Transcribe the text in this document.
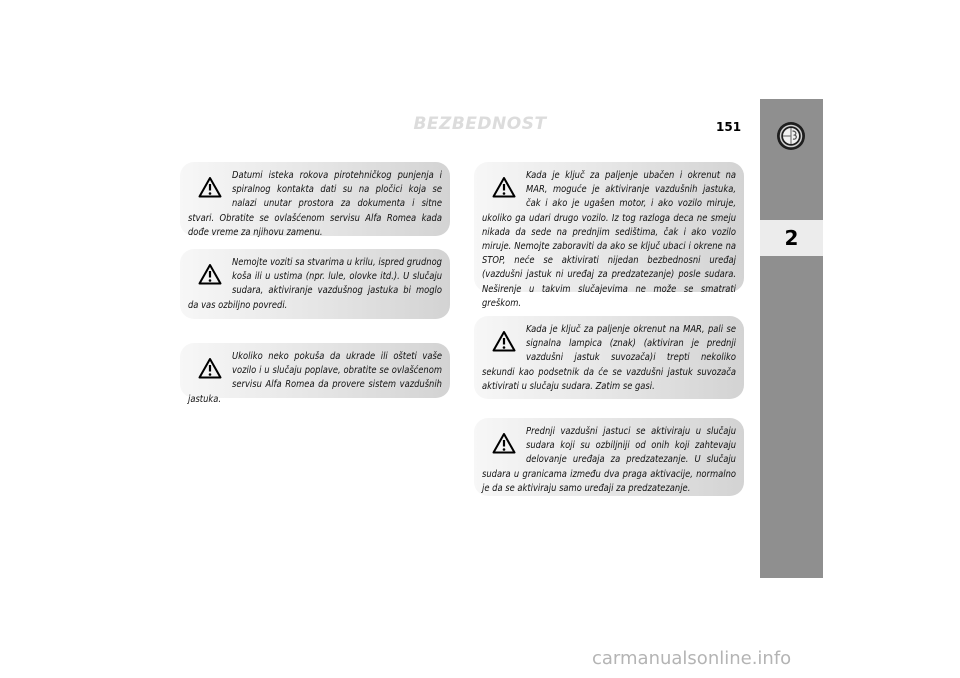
BEZBEDNOST	151
2
Datumi isteka rokova pirotehničkog punjenja i spiralnog kontakta dati su na pločici koja se nalazi unutar prostora za dokumenta i sitne stvari. Obratite se ovlašćenom servisu Alfa Romea kada dođe vreme za njihovu zamenu.
Nemojte voziti sa stvarima u krilu, ispred grudnog koša ili u ustima (npr. lule, olovke itd.). U slučaju sudara, aktiviranje vazdušnog jastuka bi moglo da vas ozbiljno povredi.
Ukoliko neko pokuša da ukrade ili ošteti vaše vozilo i u slučaju poplave, obratite se ovlašćenom servisu Alfa Romea da provere sistem vazdušnih jastuka.
Kada je ključ za paljenje ubačen i okrenut na MAR, moguće je aktiviranje vazdušnih jastuka, čak i ako je ugašen motor, i ako vozilo miruje, ukoliko ga udari drugo vozilo. Iz tog razloga deca ne smeju nikada da sede na prednjim sedištima, čak i ako vozilo miruje. Nemojte zaboraviti da ako se ključ ubaci i okrene na STOP, neće se aktivirati nijedan bezbednosni uređaj (vazdušni jastuk ni uređaj za predzatezanje) posle sudara. Neširenje u takvim slučajevima ne može se smatrati greškom.
Kada je ključ za paljenje okrenut na MAR, pali se signalna lampica (znak) (aktiviran je prednji vazdušni jastuk suvozača)i trepti nekoliko sekundi kao podsetnik da će se vazdušni jastuk suvozača aktivirati u slučaju sudara. Zatim se gasi.
Prednji vazdušni jastuci se aktiviraju u slučaju sudara koji su ozbiljniji od onih koji zahtevaju delovanje uređaja za predzatezanje. U slučaju sudara u granicama između dva praga aktivacije, normalno je da se aktiviraju samo uređaji za predzatezanje.
carmanualsonline.info
